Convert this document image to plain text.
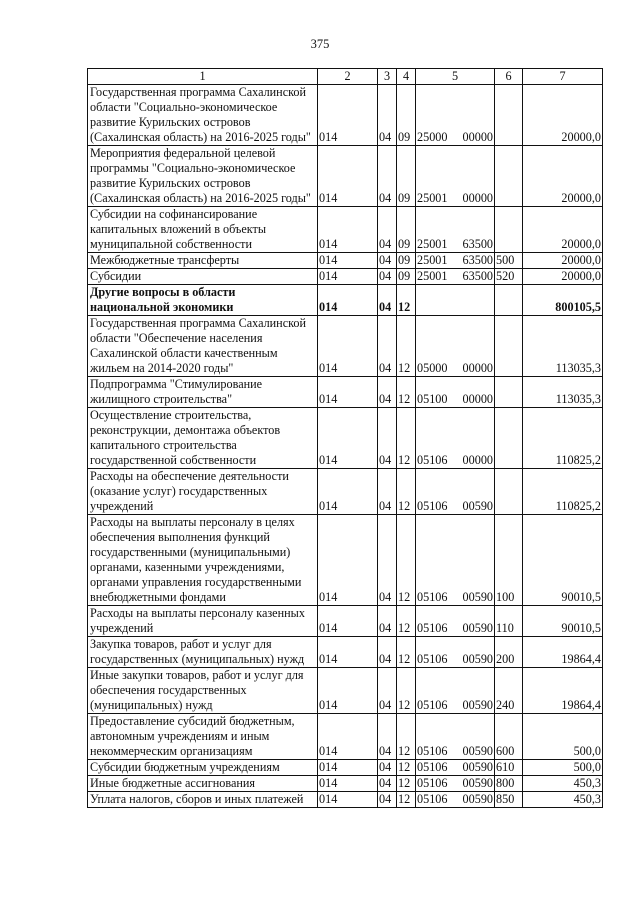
375
1	2	3	4	5	6	7
Государственная программа Сахалинской области "Социально-экономическое развитие Курильских островов (Сахалинская область) на 2016-2025 годы"	014	04	09	25000 00000		20000,0
Мероприятия федеральной целевой программы "Социально-экономическое развитие Курильских островов (Сахалинская область) на 2016-2025 годы"	014	04	09	25001 00000		20000,0
Субсидии на софинансирование капитальных вложений в объекты муниципальной собственности	014	04	09	25001 63500		20000,0
Межбюджетные трансферты	014	04	09	25001 63500	500	20000,0
Субсидии	014	04	09	25001 63500	520	20000,0
Другие вопросы в области национальной экономики	014	04	12			800105,5
Государственная программа Сахалинской области "Обеспечение населения Сахалинской области качественным жильем на 2014-2020 годы"	014	04	12	05000 00000		113035,3
Подпрограмма "Стимулирование жилищного строительства"	014	04	12	05100 00000		113035,3
Осуществление строительства, реконструкции, демонтажа объектов капитального строительства государственной собственности	014	04	12	05106 00000		110825,2
Расходы на обеспечение деятельности (оказание услуг) государственных учреждений	014	04	12	05106 00590		110825,2
Расходы на выплаты персоналу в целях обеспечения выполнения функций государственными (муниципальными) органами, казенными учреждениями, органами управления государственными внебюджетными фондами	014	04	12	05106 00590	100	90010,5
Расходы на выплаты персоналу казенных учреждений	014	04	12	05106 00590	110	90010,5
Закупка товаров, работ и услуг для государственных (муниципальных) нужд	014	04	12	05106 00590	200	19864,4
Иные закупки товаров, работ и услуг для обеспечения государственных (муниципальных) нужд	014	04	12	05106 00590	240	19864,4
Предоставление субсидий бюджетным, автономным учреждениям и иным некоммерческим организациям	014	04	12	05106 00590	600	500,0
Субсидии бюджетным учреждениям	014	04	12	05106 00590	610	500,0
Иные бюджетные ассигнования	014	04	12	05106 00590	800	450,3
Уплата налогов, сборов и иных платежей	014	04	12	05106 00590	850	450,3
